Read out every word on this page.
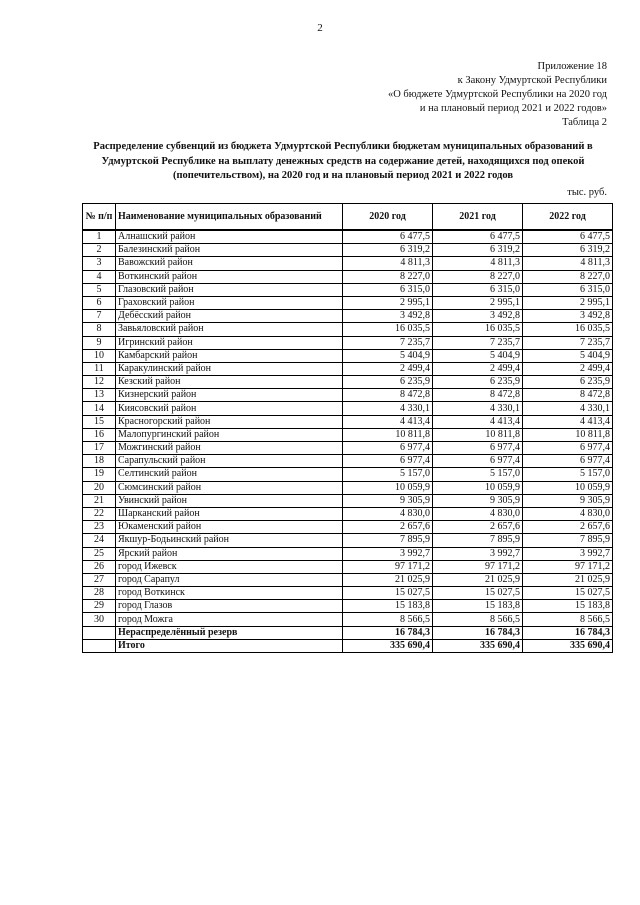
2
Приложение 18
к Закону Удмуртской Республики
«О бюджете Удмуртской Республики на 2020 год
и на плановый период 2021 и 2022 годов»
Таблица 2
Распределение субвенций из бюджета Удмуртской Республики бюджетам муниципальных образований в
Удмуртской Республике на выплату денежных средств на содержание детей, находящихся под опекой
(попечительством), на 2020 год и на плановый период 2021 и 2022 годов
тыс. руб.
№ п/п	Наименование муниципальных образований	2020 год	2021 год	2022 год
1	Алнашский район	6 477,5	6 477,5	6 477,5
2	Балезинский район	6 319,2	6 319,2	6 319,2
3	Вавожский район	4 811,3	4 811,3	4 811,3
4	Воткинский район	8 227,0	8 227,0	8 227,0
5	Глазовский район	6 315,0	6 315,0	6 315,0
6	Граховский район	2 995,1	2 995,1	2 995,1
7	Дебёсский район	3 492,8	3 492,8	3 492,8
8	Завьяловский район	16 035,5	16 035,5	16 035,5
9	Игринский район	7 235,7	7 235,7	7 235,7
10	Камбарский район	5 404,9	5 404,9	5 404,9
11	Каракулинский район	2 499,4	2 499,4	2 499,4
12	Кезский район	6 235,9	6 235,9	6 235,9
13	Кизнерский район	8 472,8	8 472,8	8 472,8
14	Киясовский район	4 330,1	4 330,1	4 330,1
15	Красногорский район	4 413,4	4 413,4	4 413,4
16	Малопургинский район	10 811,8	10 811,8	10 811,8
17	Можгинский район	6 977,4	6 977,4	6 977,4
18	Сарапульский район	6 977,4	6 977,4	6 977,4
19	Селтинский район	5 157,0	5 157,0	5 157,0
20	Сюмсинский район	10 059,9	10 059,9	10 059,9
21	Увинский район	9 305,9	9 305,9	9 305,9
22	Шарканский район	4 830,0	4 830,0	4 830,0
23	Юкаменский район	2 657,6	2 657,6	2 657,6
24	Якшур-Бодьинский район	7 895,9	7 895,9	7 895,9
25	Ярский район	3 992,7	3 992,7	3 992,7
26	город Ижевск	97 171,2	97 171,2	97 171,2
27	город Сарапул	21 025,9	21 025,9	21 025,9
28	город Воткинск	15 027,5	15 027,5	15 027,5
29	город Глазов	15 183,8	15 183,8	15 183,8
30	город Можга	8 566,5	8 566,5	8 566,5
	Нераспределённый резерв	16 784,3	16 784,3	16 784,3
	Итого	335 690,4	335 690,4	335 690,4
